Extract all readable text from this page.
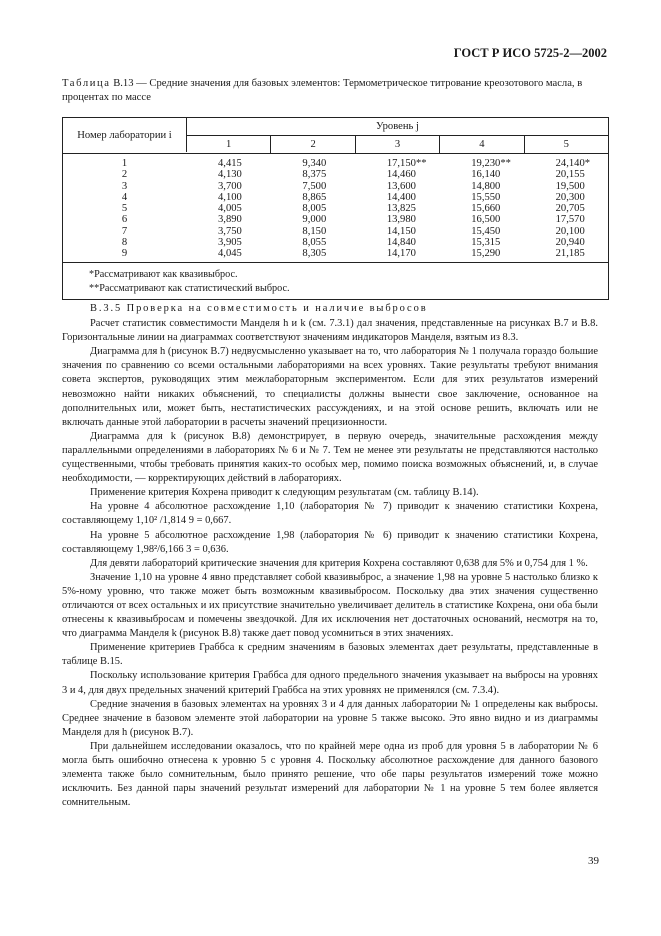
ГОСТ Р ИСО 5725-2—2002
Таблица В.13 — Средние значения для базовых элементов: Термометрическое титрование креозотового масла, в процентах по массе
Номер лаборатории i
Уровень j
1	2	3	4	5
1	4,415	9,340	17,150**	19,230**	24,140*
2	4,130	8,375	14,460	16,140	20,155
3	3,700	7,500	13,600	14,800	19,500
4	4,100	8,865	14,400	15,550	20,300
5	4,005	8,005	13,825	15,660	20,705
6	3,890	9,000	13,980	16,500	17,570
7	3,750	8,150	14,150	15,450	20,100
8	3,905	8,055	14,840	15,315	20,940
9	4,045	8,305	14,170	15,290	21,185
*Рассматривают как квазивыброс.
**Рассматривают как статистический выброс.

В.3.5 Проверка на совместимость и наличие выбросов

Расчет статистик совместимости Манделя h и k (см. 7.3.1) дал значения, представленные на рисунках В.7 и В.8. Горизонтальные линии на диаграммах соответствуют значениям индикаторов Манделя, взятым из 8.3.

Диаграмма для h (рисунок В.7) недвусмысленно указывает на то, что лаборатория № 1 получала гораздо большие значения по сравнению со всеми остальными лабораториями на всех уровнях. Такие результаты требуют внимания совета экспертов, руководящих этим межлабораторным экспериментом. Если для этих результатов измерений невозможно найти никаких объяснений, то специалисты должны вынести свое заключение, основанное на дополнительных или, может быть, нестатистических рассуждениях, и на этой основе решить, включать или не включать данные этой лаборатории в расчеты значений прецизионности.

Диаграмма для k (рисунок В.8) демонстрирует, в первую очередь, значительные расхождения между параллельными определениями в лабораториях № 6 и № 7. Тем не менее эти результаты не представляются настолько существенными, чтобы требовать принятия каких-то особых мер, помимо поиска возможных объяснений, и, в случае необходимости, — корректирующих действий в лабораториях.

Применение критерия Кохрена приводит к следующим результатам (см. таблицу В.14).

На уровне 4 абсолютное расхождение 1,10 (лаборатория № 7) приводит к значению статистики Кохрена, составляющему 1,10² /1,814 9 = 0,667.

На уровне 5 абсолютное расхождение 1,98 (лаборатория № 6) приводит к значению статистики Кохрена, составляющему 1,98²/6,166 3 = 0,636.

Для девяти лабораторий критические значения для критерия Кохрена составляют 0,638 для 5% и 0,754 для 1 %.

Значение 1,10 на уровне 4 явно представляет собой квазивыброс, а значение 1,98 на уровне 5 настолько близко к 5%-ному уровню, что также может быть возможным квазивыбросом. Поскольку два этих значения существенно отличаются от всех остальных и их присутствие значительно увеличивает делитель в статистике Кохрена, они оба были отнесены к квазивыбросам и помечены звездочкой. Для их исключения нет достаточных оснований, несмотря на то, что диаграмма Манделя k (рисунок В.8) также дает повод усомниться в этих значениях.

Применение критериев Граббса к средним значениям в базовых элементах дает результаты, представленные в таблице В.15.

Поскольку использование критерия Граббса для одного предельного значения указывает на выбросы на уровнях 3 и 4, для двух предельных значений критерий Граббса на этих уровнях не применялся (см. 7.3.4).

Средние значения в базовых элементах на уровнях 3 и 4 для данных лаборатории № 1 определены как выбросы. Среднее значение в базовом элементе этой лаборатории на уровне 5 также высоко. Это явно видно и из диаграммы Манделя для h (рисунок В.7).

При дальнейшем исследовании оказалось, что по крайней мере одна из проб для уровня 5 в лаборатории № 6 могла быть ошибочно отнесена к уровню 5 с уровня 4. Поскольку абсолютное расхождение для данного базового элемента также было сомнительным, было принято решение, что обе пары результатов измерений тоже можно исключить. Без данной пары значений результат измерений для лаборатории № 1 на уровне 5 тем более является сомнительным.

39
